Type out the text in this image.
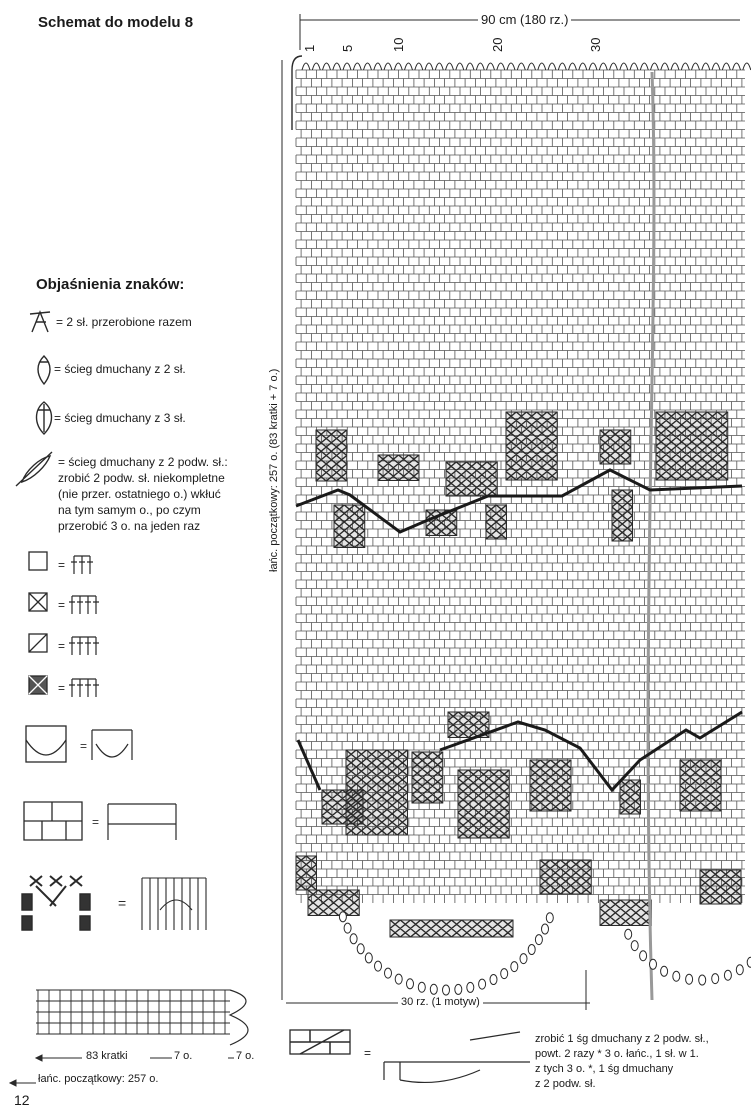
=
=
=
Schemat do modelu 8	90 cm (180 rz.)
1 5	10	20	30
łańc. początkowy: 257 o. (83 kratki + 7 o.)
30 rz. (1 motyw)
Objaśnienia znaków:
= 2 sł. przerobione razem
= ścieg dmuchany z 2 sł.
= ścieg dmuchany z 3 sł.
= ścieg dmuchany z 2 podw. sł.:
zrobić 2 podw. sł. niekompletne
(nie przer. ostatniego o.) wkłuć
na tym samym o., po czym
przerobić 3 o. na jeden raz
=
=
=
=
83 kratki	7 o.	7 o.
łańc. początkowy: 257 o.
=
zrobić 1 śg dmuchany z 2 podw. sł.,
powt. 2 razy * 3 o. łańc., 1 sł. w 1.
z tych 3 o. *, 1 śg dmuchany
z 2 podw. sł.
12
